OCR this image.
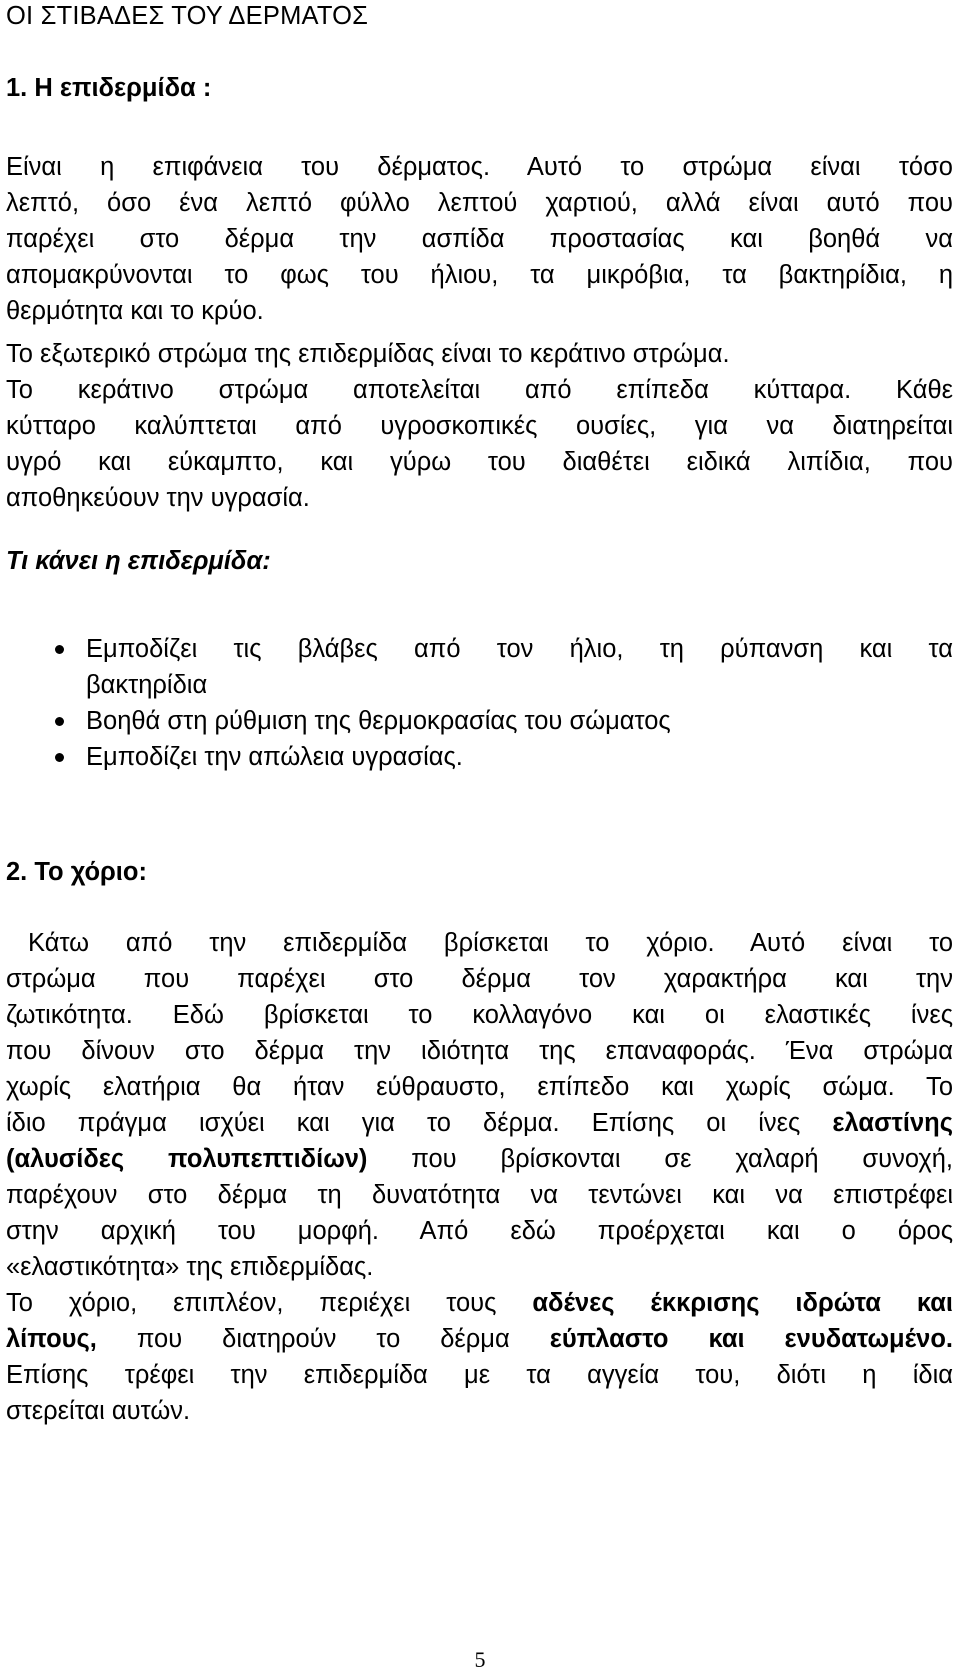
ΟΙ ΣΤΙΒΑΔΕΣ ΤΟΥ ΔΕΡΜΑΤΟΣ
1. Η επιδερμίδα :
Είναι η επιφάνεια του δέρματος. Αυτό το στρώμα είναι τόσο
λεπτό, όσο ένα λεπτό φύλλο λεπτού χαρτιού, αλλά είναι αυτό που
παρέχει στο δέρμα την ασπίδα προστασίας και βοηθά να
απομακρύνονται το φως του ήλιου, τα μικρόβια, τα βακτηρίδια, η
θερμότητα και το κρύο.
Το εξωτερικό στρώμα της επιδερμίδας είναι το κεράτινο στρώμα.
Το κεράτινο στρώμα αποτελείται από επίπεδα κύτταρα. Κάθε
κύτταρο καλύπτεται από υγροσκοπικές ουσίες, για να διατηρείται
υγρό και εύκαμπτο, και γύρω του διαθέτει ειδικά λιπίδια, που
αποθηκεύουν την υγρασία.
Τι κάνει η επιδερμίδα:
Εμποδίζει τις βλάβες από τον ήλιο, τη ρύπανση και τα
βακτηρίδια
Βοηθά στη ρύθμιση της θερμοκρασίας του σώματος
Εμποδίζει την απώλεια υγρασίας.
2. Το χόριο:
Κάτω από την επιδερμίδα βρίσκεται το χόριο. Αυτό είναι το
στρώμα που παρέχει στο δέρμα τον χαρακτήρα και την
ζωτικότητα. Εδώ βρίσκεται το κολλαγόνο και οι ελαστικές ίνες
που δίνουν στο δέρμα την ιδιότητα της επαναφοράς. Ένα στρώμα
χωρίς ελατήρια θα ήταν εύθραυστο, επίπεδο και χωρίς σώμα. Το
ίδιο πράγμα ισχύει και για το δέρμα. Επίσης οι ίνες ελαστίνης
(αλυσίδες πολυπεπτιδίων) που βρίσκονται σε χαλαρή συνοχή,
παρέχουν στο δέρμα τη δυνατότητα να τεντώνει και να επιστρέφει
στην αρχική του μορφή. Από εδώ προέρχεται και ο όρος
«ελαστικότητα» της επιδερμίδας.
Το χόριο, επιπλέον, περιέχει τους αδένες έκκρισης ιδρώτα και
λίπους, που διατηρούν το δέρμα εύπλαστο και ενυδατωμένο.
Επίσης τρέφει την επιδερμίδα με τα αγγεία του, διότι η ίδια
στερείται αυτών.
5
